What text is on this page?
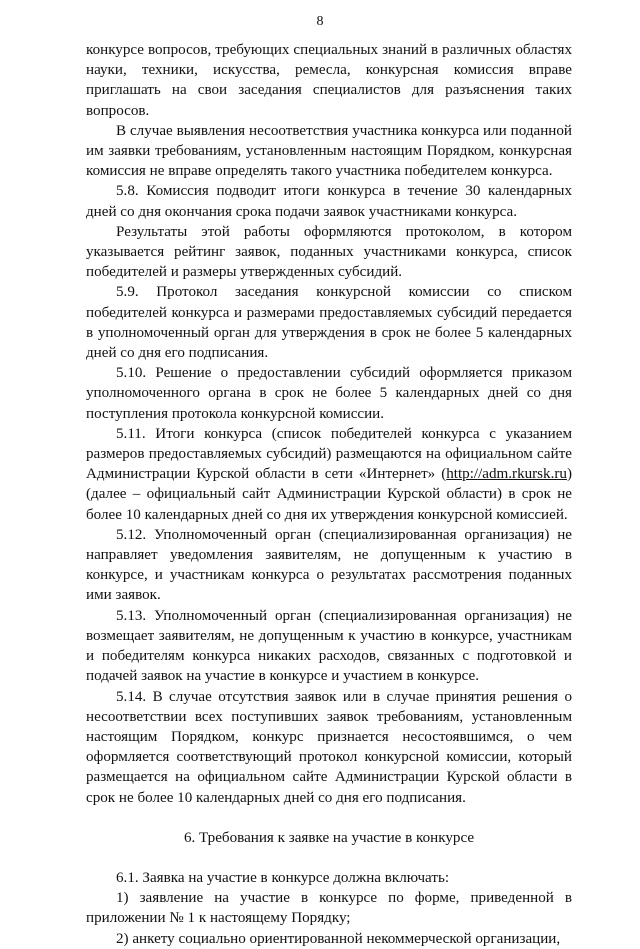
8

конкурсе вопросов, требующих специальных знаний в различных областях науки, техники, искусства, ремесла, конкурсная комиссия вправе приглашать на свои заседания специалистов для разъяснения таких вопросов.

В случае выявления несоответствия участника конкурса или поданной им заявки требованиям, установленным настоящим Порядком, конкурсная комиссия не вправе определять такого участника победителем конкурса.

5.8. Комиссия подводит итоги конкурса в течение 30 календарных дней со дня окончания срока подачи заявок участниками конкурса.

Результаты этой работы оформляются протоколом, в котором указывается рейтинг заявок, поданных участниками конкурса, список победителей и размеры утвержденных субсидий.

5.9. Протокол заседания конкурсной комиссии со списком победителей конкурса и размерами предоставляемых субсидий передается в уполномоченный орган для утверждения в срок не более 5 календарных дней со дня его подписания.

5.10. Решение о предоставлении субсидий оформляется приказом уполномоченного органа в срок не более 5 календарных дней со дня поступления протокола конкурсной комиссии.

5.11. Итоги конкурса (список победителей конкурса с указанием размеров предоставляемых субсидий) размещаются на официальном сайте Администрации Курской области в сети «Интернет» (http://adm.rkursk.ru) (далее – официальный сайт Администрации Курской области) в срок не более 10 календарных дней со дня их утверждения конкурсной комиссией.

5.12. Уполномоченный орган (специализированная организация) не направляет уведомления заявителям, не допущенным к участию в конкурсе, и участникам конкурса о результатах рассмотрения поданных ими заявок.

5.13. Уполномоченный орган (специализированная организация) не возмещает заявителям, не допущенным к участию в конкурсе, участникам и победителям конкурса никаких расходов, связанных с подготовкой и подачей заявок на участие в конкурсе и участием в конкурсе.

5.14. В случае отсутствия заявок или в случае принятия решения о несоответствии всех поступивших заявок требованиям, установленным настоящим Порядком, конкурс признается несостоявшимся, о чем оформляется соответствующий протокол конкурсной комиссии, который размещается на официальном сайте Администрации Курской области в срок не более 10 календарных дней со дня его подписания.

6. Требования к заявке на участие в конкурсе

6.1. Заявка на участие в конкурсе должна включать:

1) заявление на участие в конкурсе по форме, приведенной в приложении № 1 к настоящему Порядку;

2) анкету социально ориентированной некоммерческой организации,
